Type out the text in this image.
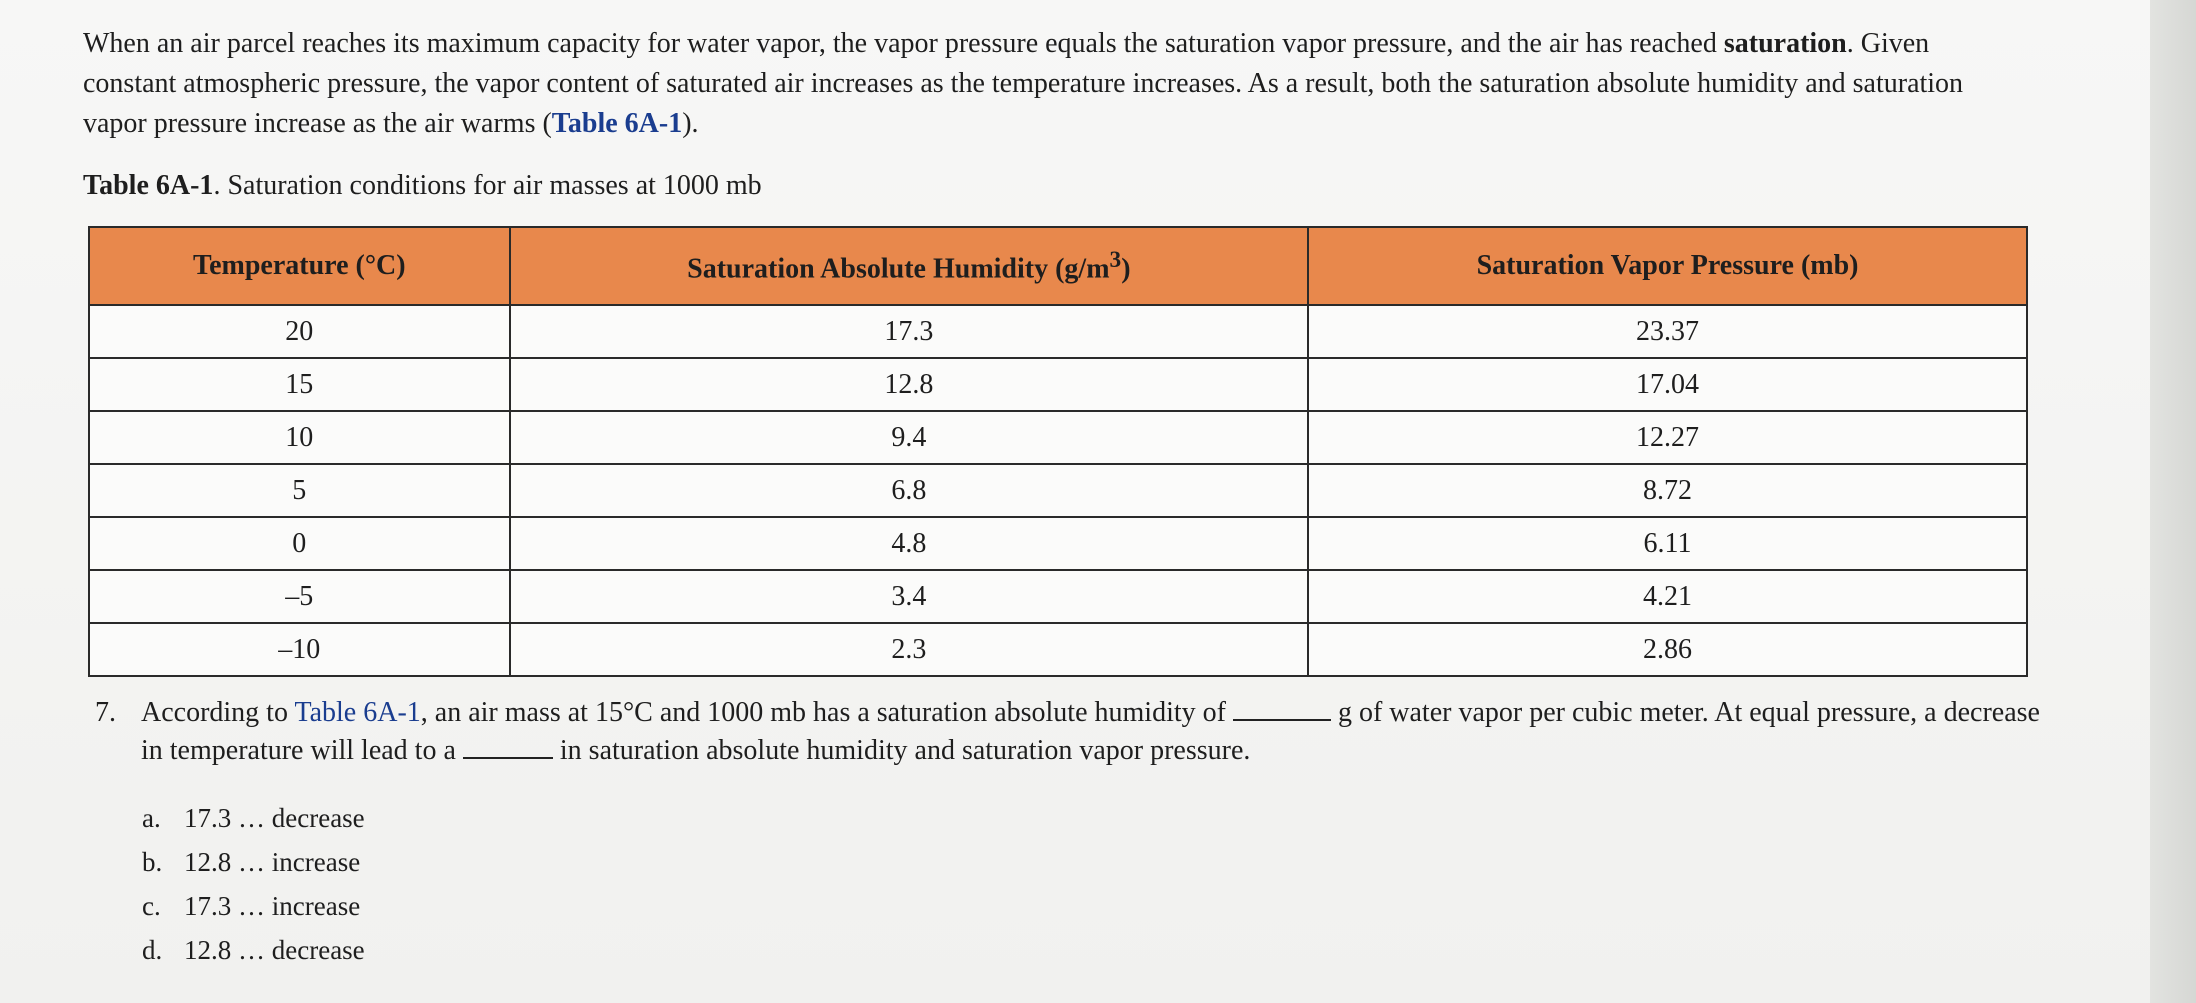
When an air parcel reaches its maximum capacity for water vapor, the vapor pressure equals the saturation vapor pressure, and the air has reached saturation. Given constant atmospheric pressure, the vapor content of saturated air increases as the temperature increases. As a result, both the saturation absolute humidity and saturation vapor pressure increase as the air warms (Table 6A-1).

Table 6A-1. Saturation conditions for air masses at 1000 mb

Temperature (°C)	Saturation Absolute Humidity $(g/m^3)$	Saturation Vapor Pressure (mb)
20	17.3	23.37
15	12.8	17.04
10	9.4	12.27
5	6.8	8.72
0	4.8	6.11
–5	3.4	4.21
–10	2.3	2.86
7. According to Table 6A-1, an air mass at 15°C and 1000 mb has a saturation absolute humidity of	g of water vapor per cubic meter. At equal pressure, a decrease in temperature will lead to a	in saturation absolute humidity and saturation vapor pressure.

a. 17.3 … decrease
b. 12.8 … increase
c. 17.3 … increase
d. 12.8 … decrease
